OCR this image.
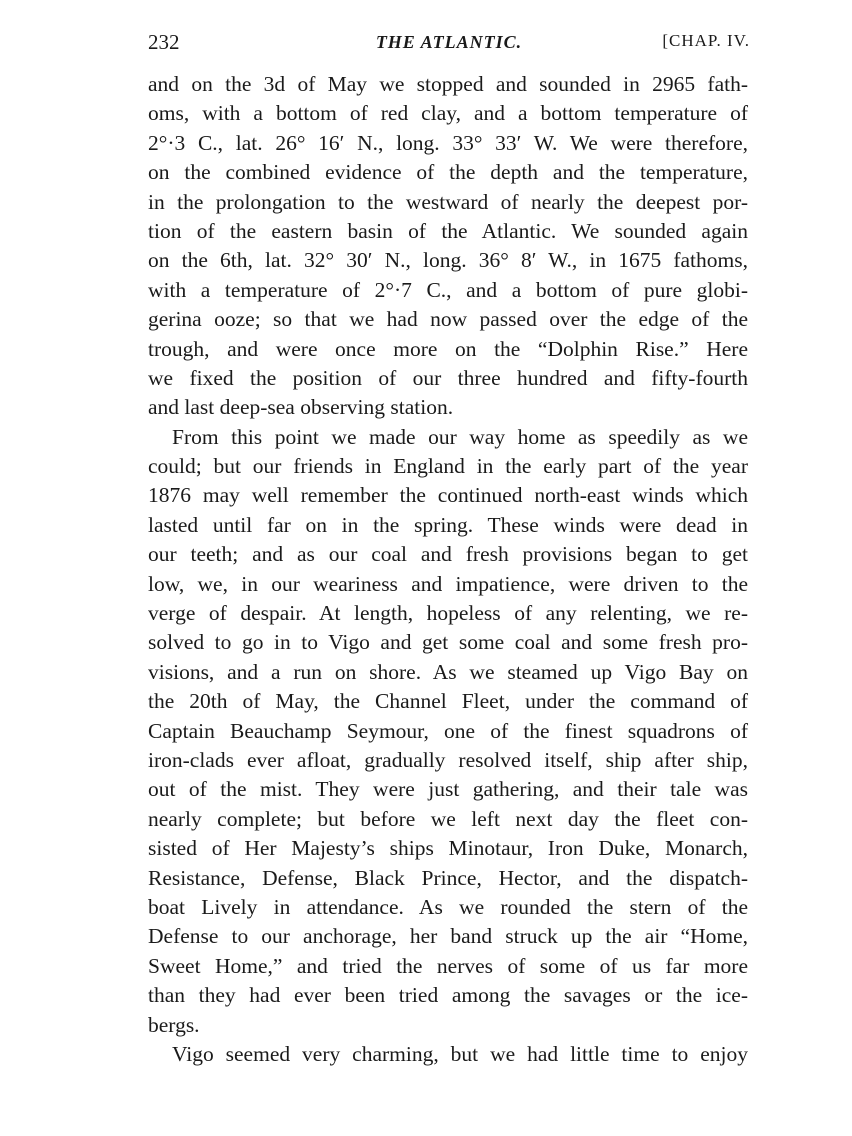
232	THE ATLANTIC.	[CHAP. IV.
and on the 3d of May we stopped and sounded in 2965 fath-
oms, with a bottom of red clay, and a bottom temperature of
2°·3 C., lat. 26° 16′ N., long. 33° 33′ W. We were therefore,
on the combined evidence of the depth and the temperature,
in the prolongation to the westward of nearly the deepest por-
tion of the eastern basin of the Atlantic. We sounded again
on the 6th, lat. 32° 30′ N., long. 36° 8′ W., in 1675 fathoms,
with a temperature of 2°·7 C., and a bottom of pure globi-
gerina ooze; so that we had now passed over the edge of the
trough, and were once more on the “Dolphin Rise.” Here
we fixed the position of our three hundred and fifty-fourth
and last deep-sea observing station.
From this point we made our way home as speedily as we
could; but our friends in England in the early part of the year
1876 may well remember the continued north-east winds which
lasted until far on in the spring. These winds were dead in
our teeth; and as our coal and fresh provisions began to get
low, we, in our weariness and impatience, were driven to the
verge of despair. At length, hopeless of any relenting, we re-
solved to go in to Vigo and get some coal and some fresh pro-
visions, and a run on shore. As we steamed up Vigo Bay on
the 20th of May, the Channel Fleet, under the command of
Captain Beauchamp Seymour, one of the finest squadrons of
iron-clads ever afloat, gradually resolved itself, ship after ship,
out of the mist. They were just gathering, and their tale was
nearly complete; but before we left next day the fleet con-
sisted of Her Majesty’s ships Minotaur, Iron Duke, Monarch,
Resistance, Defense, Black Prince, Hector, and the dispatch-
boat Lively in attendance. As we rounded the stern of the
Defense to our anchorage, her band struck up the air “Home,
Sweet Home,” and tried the nerves of some of us far more
than they had ever been tried among the savages or the ice-
bergs.
Vigo seemed very charming, but we had little time to enjoy
